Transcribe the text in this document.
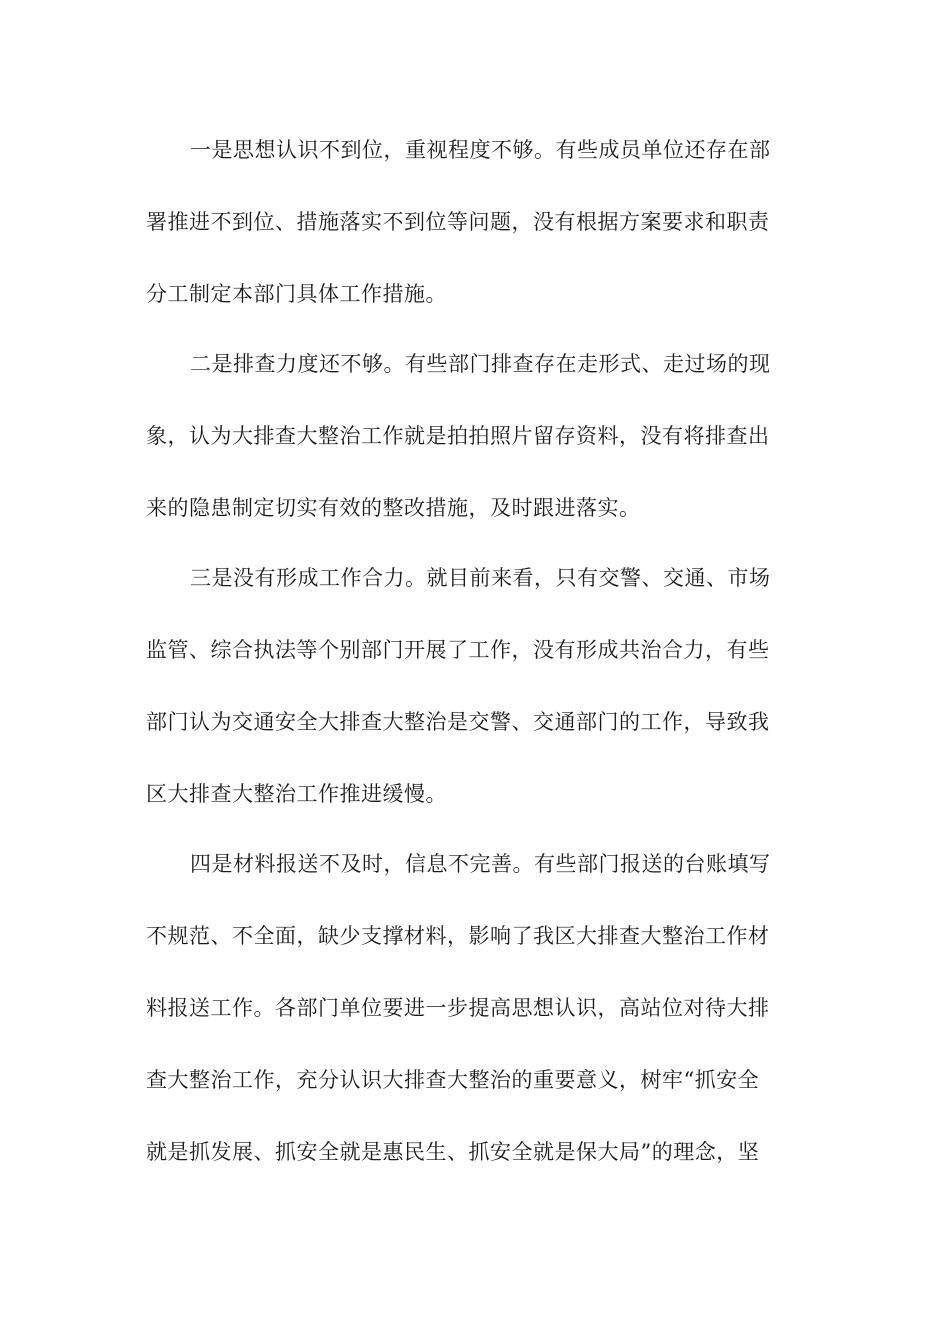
一是思想认识不到位，重视程度不够。有些成员单位还存在部
署推进不到位、措施落实不到位等问题，没有根据方案要求和职责
分工制定本部门具体工作措施。
二是排查力度还不够。有些部门排查存在走形式、走过场的现
象，认为大排查大整治工作就是拍拍照片留存资料，没有将排查出
来的隐患制定切实有效的整改措施，及时跟进落实。
三是没有形成工作合力。就目前来看，只有交警、交通、市场
监管、综合执法等个别部门开展了工作，没有形成共治合力，有些
部门认为交通安全大排查大整治是交警、交通部门的工作，导致我
区大排查大整治工作推进缓慢。
四是材料报送不及时，信息不完善。有些部门报送的台账填写
不规范、不全面，缺少支撑材料，影响了我区大排查大整治工作材
料报送工作。各部门单位要进一步提高思想认识，高站位对待大排
查大整治工作，充分认识大排查大整治的重要意义，树牢“抓安全
就是抓发展、抓安全就是惠民生、抓安全就是保大局”的理念，坚
